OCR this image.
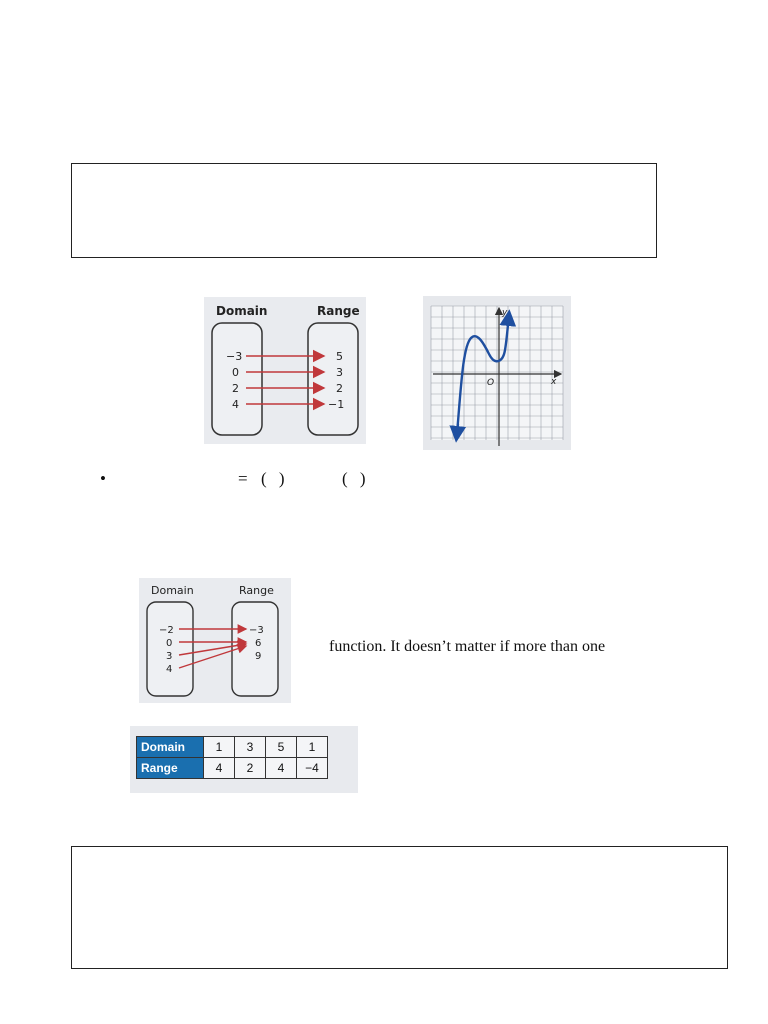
Domain	Range
−3
0
2
4
5
3
2
−1
y
x
O
•	= ( )	( )
Domain	Range
−2
0
3
4
−3
6
9
function. It doesn’t matter if more than one
Domain	1	3	5	1
Range	4	2	4	−4
